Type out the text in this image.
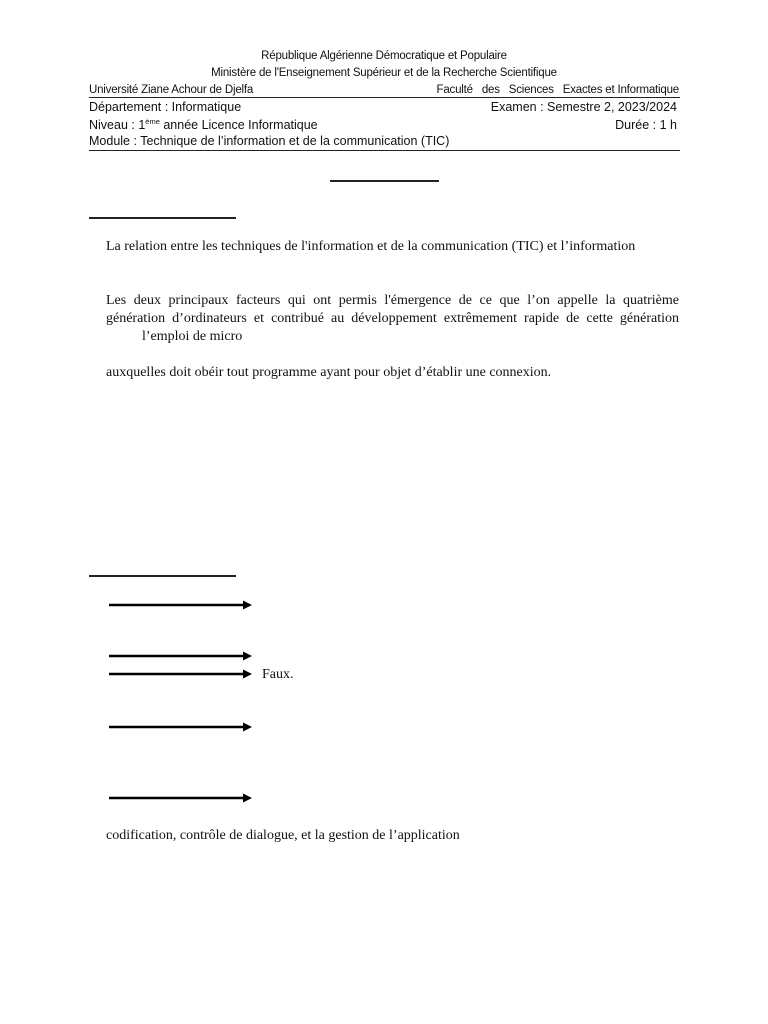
République Algérienne Démocratique et Populaire
Ministère de l'Enseignement Supérieur et de la Recherche Scientifique
Université Ziane Achour de Djelfa	Faculté   des   Sciences   Exactes et Informatique
Département : Informatique	Examen : Semestre 2, 2023/2024
Niveau : 1ème année Licence Informatique	Durée : 1 h
Module : Technique de l’information et de la communication (TIC)
La relation entre les techniques de l'information et de la communication (TIC) et l’information
Les deux principaux facteurs qui ont permis l'émergence de ce que l’on appelle la quatrième
génération d’ordinateurs et contribué au développement extrêmement rapide de cette génération
l’emploi de micro
auxquelles doit obéir tout programme ayant pour objet d’établir une connexion.
Faux.
codification, contrôle de dialogue, et la gestion de l’application
